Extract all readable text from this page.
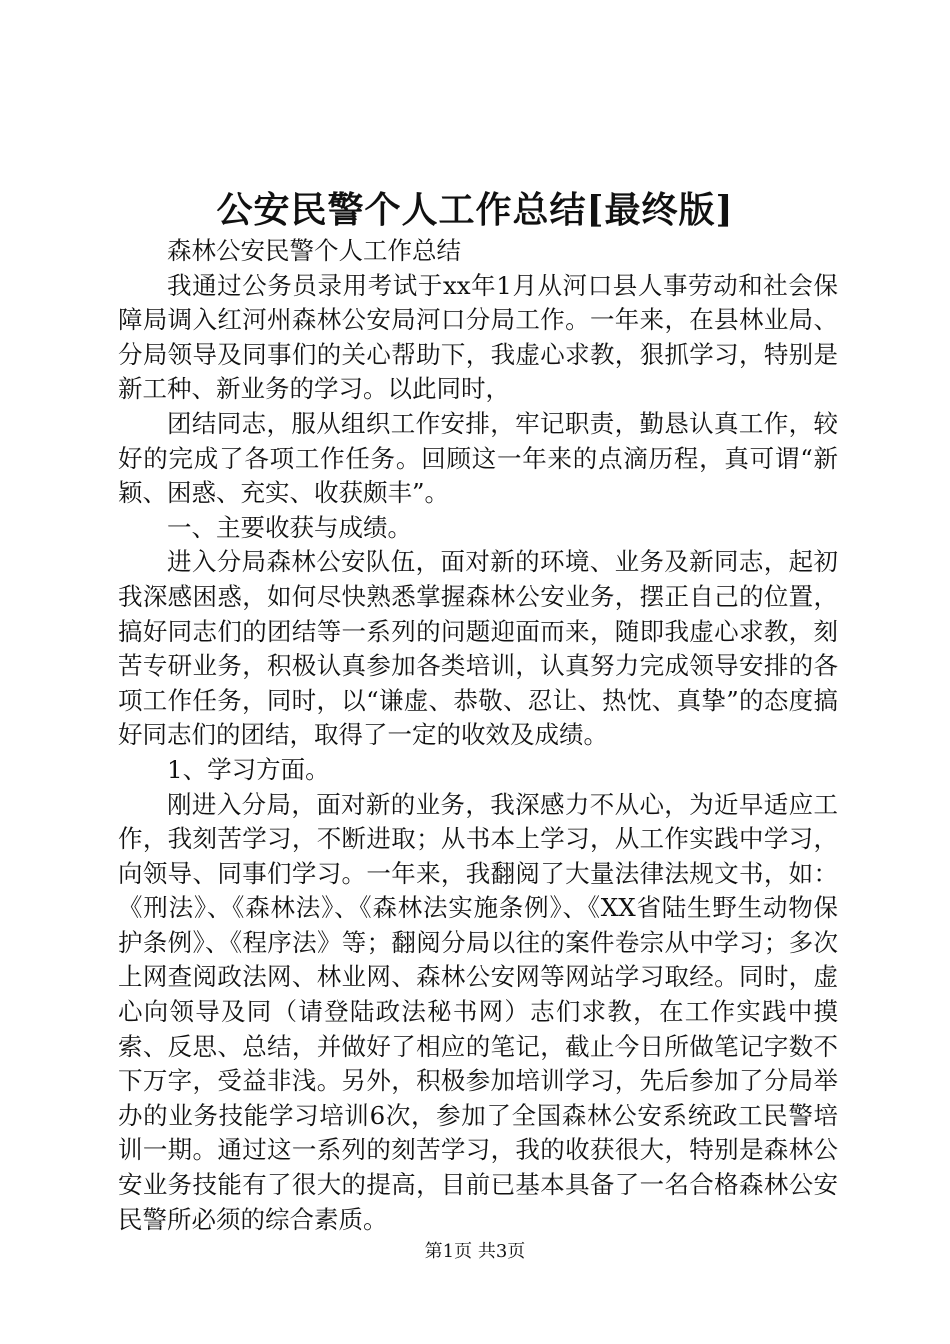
公安民警个人工作总结[最终版]

森林公安民警个人工作总结

我通过公务员录用考试于xx年1月从河口县人事劳动和社会保障局调入红河州森林公安局河口分局工作。一年来，在县林业局、分局领导及同事们的关心帮助下，我虚心求教，狠抓学习，特别是新工种、新业务的学习。以此同时，

团结同志，服从组织工作安排，牢记职责，勤恳认真工作，较好的完成了各项工作任务。回顾这一年来的点滴历程，真可谓“新颖、困惑、充实、收获颇丰”。

一、主要收获与成绩。

进入分局森林公安队伍，面对新的环境、业务及新同志，起初我深感困惑，如何尽快熟悉掌握森林公安业务，摆正自己的位置，搞好同志们的团结等一系列的问题迎面而来，随即我虚心求教，刻苦专研业务，积极认真参加各类培训，认真努力完成领导安排的各项工作任务，同时，以“谦虚、恭敬、忍让、热忱、真挚”的态度搞好同志们的团结，取得了一定的收效及成绩。

1、学习方面。

刚进入分局，面对新的业务，我深感力不从心，为近早适应工作，我刻苦学习，不断进取；从书本上学习，从工作实践中学习，向领导、同事们学习。一年来，我翻阅了大量法律法规文书，如：《刑法》、《森林法》、《森林法实施条例》、《XX省陆生野生动物保护条例》、《程序法》等；翻阅分局以往的案件卷宗从中学习；多次上网查阅政法网、林业网、森林公安网等网站学习取经。同时，虚心向领导及同（请登陆政法秘书网）志们求教，在工作实践中摸索、反思、总结，并做好了相应的笔记，截止今日所做笔记字数不下万字，受益非浅。另外，积极参加培训学习，先后参加了分局举办的业务技能学习培训6次，参加了全国森林公安系统政工民警培训一期。通过这一系列的刻苦学习，我的收获很大，特别是森林公安业务技能有了很大的提高，目前已基本具备了一名合格森林公安民警所必须的综合素质。

第1页 共3页
